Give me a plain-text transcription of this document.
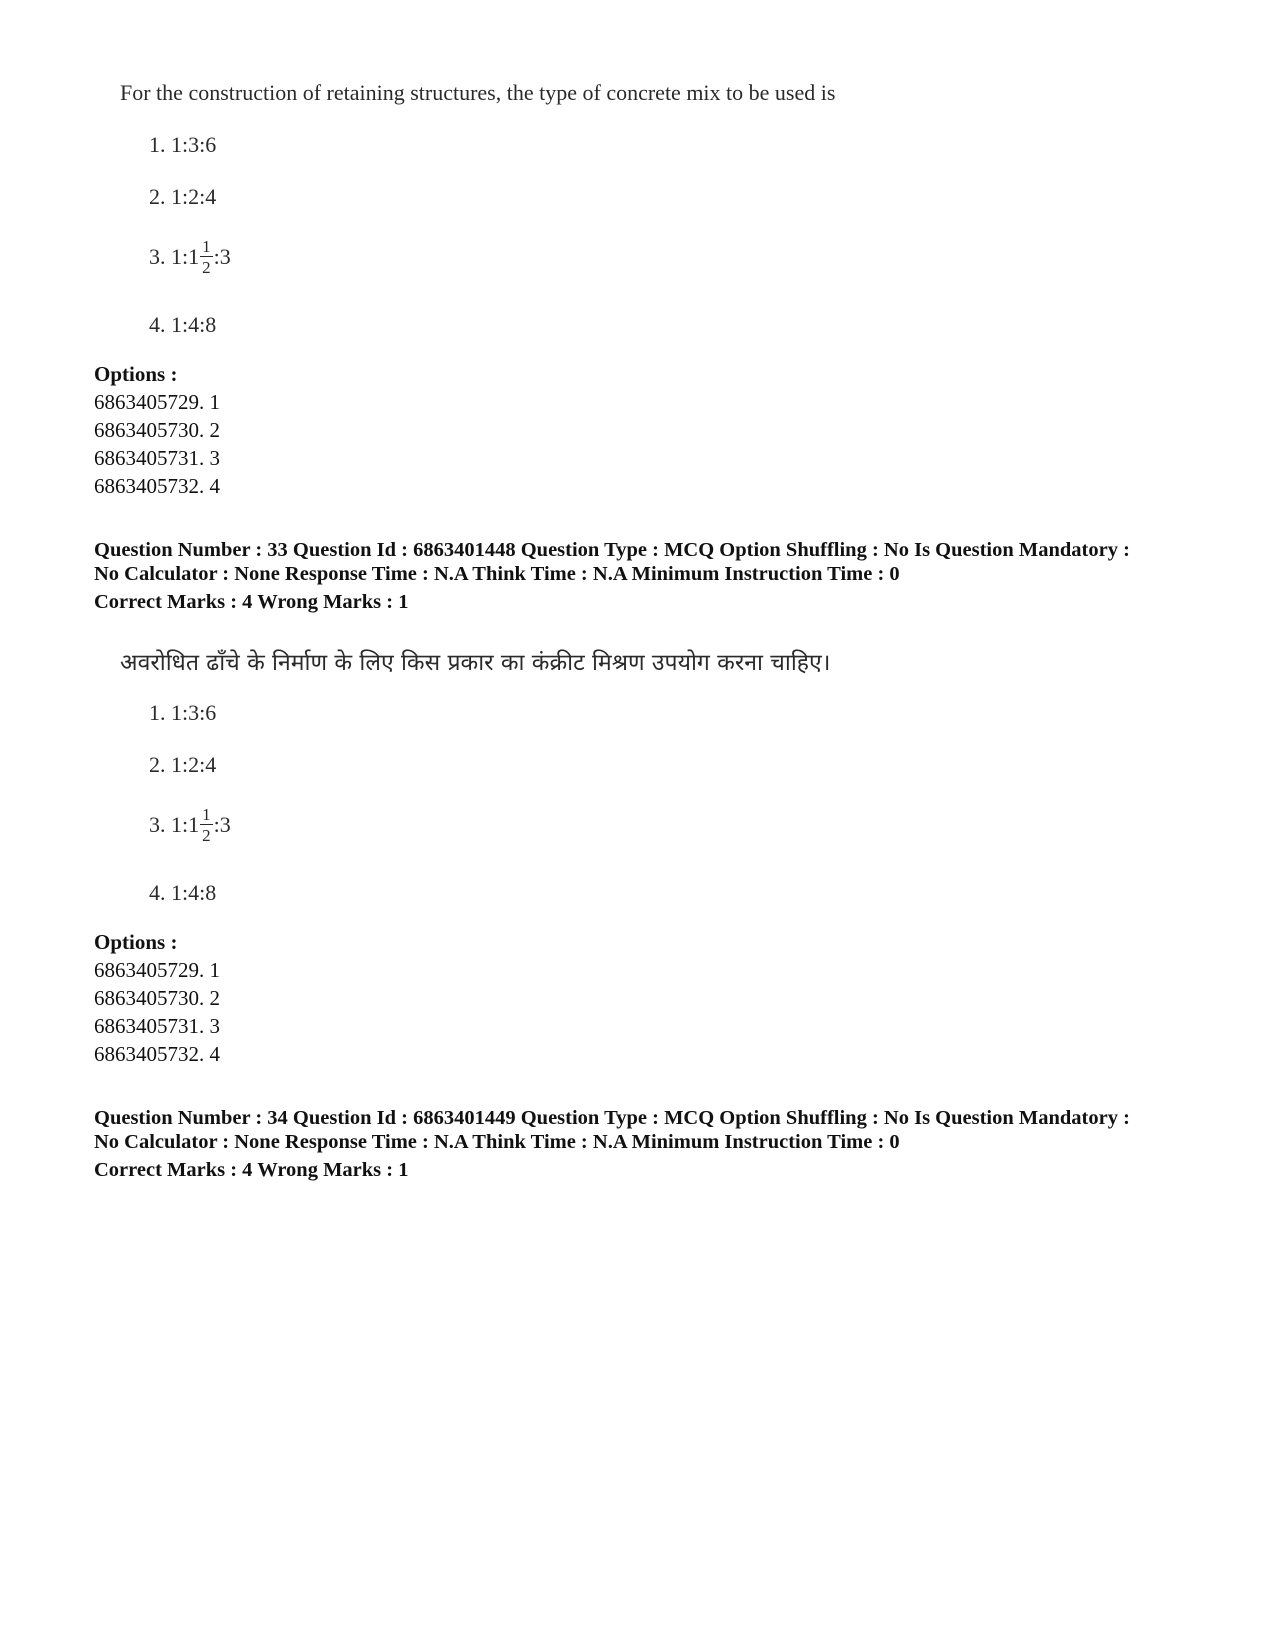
For the construction of retaining structures, the type of concrete mix to be used is
1. 1:3:6
2. 1:2:4
3. 1:1 $\frac{1}{2}$ :3
4. 1:4:8
Options :
6863405729. 1
6863405730. 2
6863405731. 3
6863405732. 4
Question Number : 33 Question Id : 6863401448 Question Type : MCQ Option Shuffling : No Is Question Mandatory :
No Calculator : None Response Time : N.A Think Time : N.A Minimum Instruction Time : 0
Correct Marks : 4 Wrong Marks : 1
अवरोधित ढाँचे के निर्माण के लिए किस प्रकार का कंक्रीट मिश्रण उपयोग करना चाहिए।
1. 1:3:6
2. 1:2:4
3. 1:1 $\frac{1}{2}$ :3
4. 1:4:8
Options :
6863405729. 1
6863405730. 2
6863405731. 3
6863405732. 4
Question Number : 34 Question Id : 6863401449 Question Type : MCQ Option Shuffling : No Is Question Mandatory :
No Calculator : None Response Time : N.A Think Time : N.A Minimum Instruction Time : 0
Correct Marks : 4 Wrong Marks : 1
